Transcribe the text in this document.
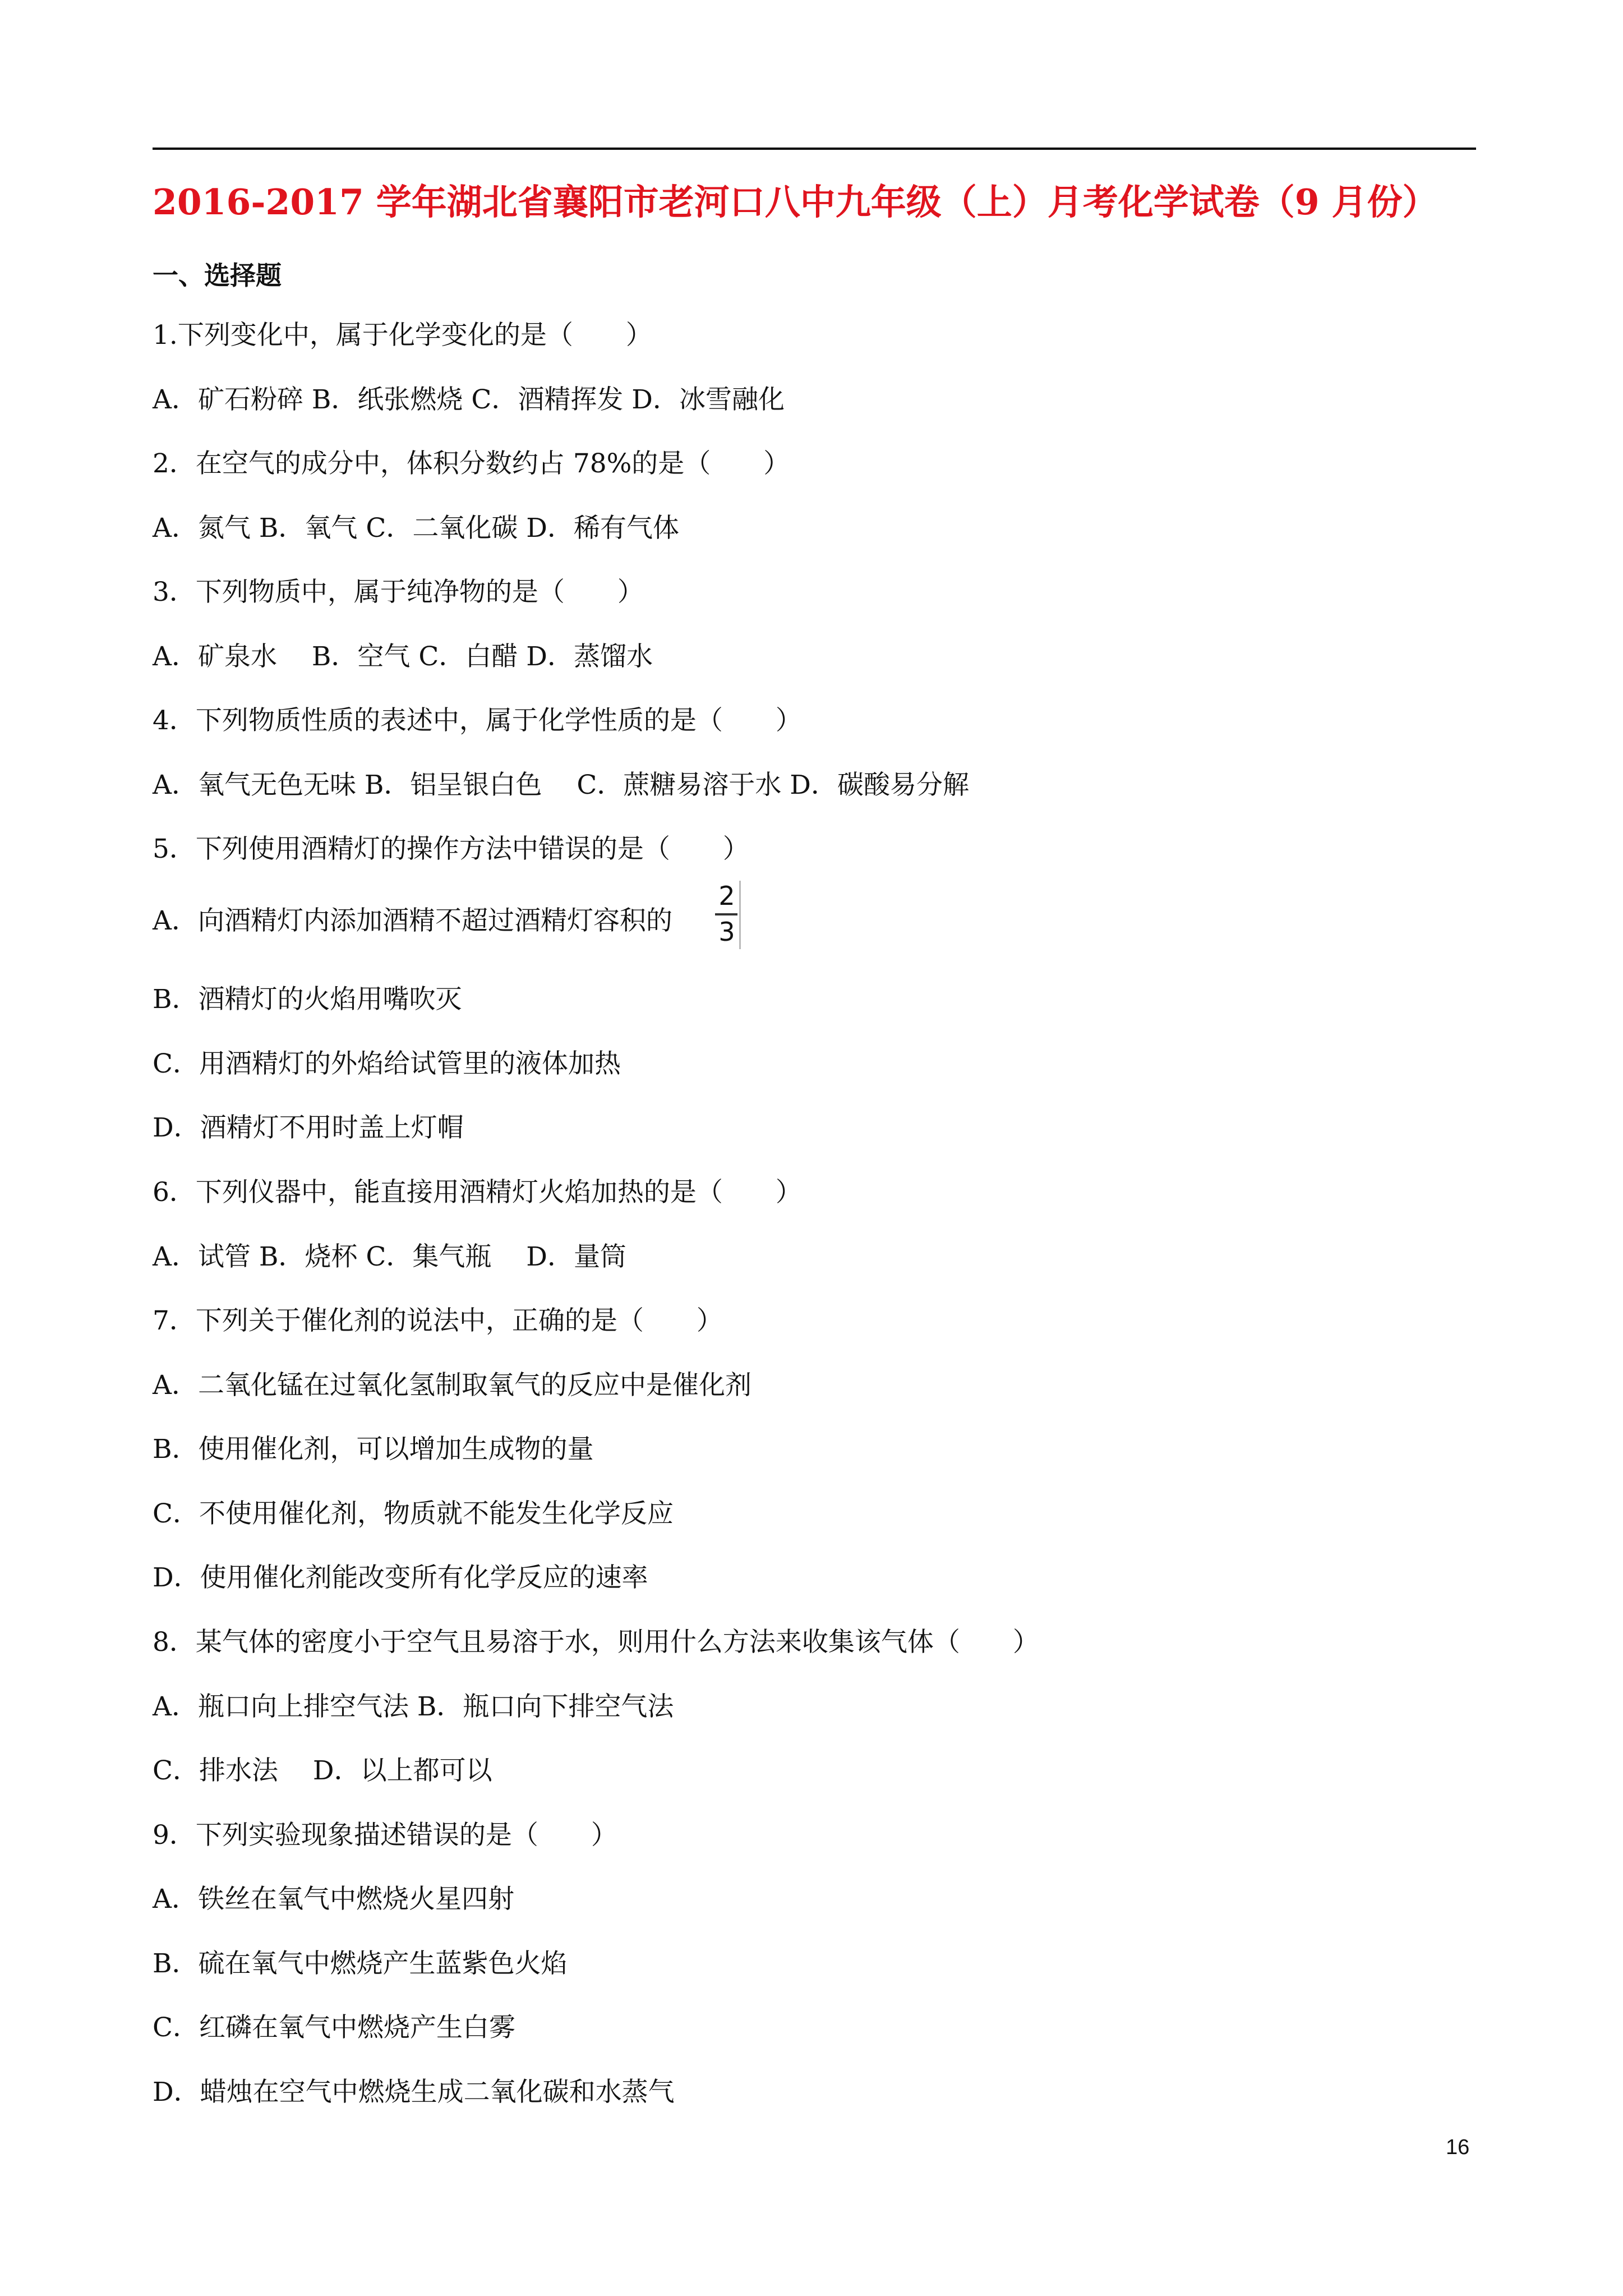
2016-2017 学年湖北省襄阳市老河口八中九年级（上）月考化学试卷（9 月份）
一、选择题
1.下列变化中，属于化学变化的是（　　）
A．矿石粉碎 B．纸张燃烧 C．酒精挥发 D．冰雪融化
2．在空气的成分中，体积分数约占 78%的是（　　）
A．氮气 B．氧气 C．二氧化碳 D．稀有气体
3．下列物质中，属于纯净物的是（　　）
A．矿泉水　 B．空气 C．白醋 D．蒸馏水
4．下列物质性质的表述中，属于化学性质的是（　　）
A．氧气无色无味 B．铝呈银白色　 C．蔗糖易溶于水 D．碳酸易分解
5．下列使用酒精灯的操作方法中错误的是（　　）
A．向酒精灯内添加酒精不超过酒精灯容积的
2
3
B．酒精灯的火焰用嘴吹灭
C．用酒精灯的外焰给试管里的液体加热
D．酒精灯不用时盖上灯帽
6．下列仪器中，能直接用酒精灯火焰加热的是（　　）
A．试管 B．烧杯 C．集气瓶　 D．量筒
7．下列关于催化剂的说法中，正确的是（　　）
A．二氧化锰在过氧化氢制取氧气的反应中是催化剂
B．使用催化剂，可以增加生成物的量
C．不使用催化剂，物质就不能发生化学反应
D．使用催化剂能改变所有化学反应的速率
8．某气体的密度小于空气且易溶于水，则用什么方法来收集该气体（　　）
A．瓶口向上排空气法 B．瓶口向下排空气法
C．排水法　 D．以上都可以
9．下列实验现象描述错误的是（　　）
A．铁丝在氧气中燃烧火星四射
B．硫在氧气中燃烧产生蓝紫色火焰
C．红磷在氧气中燃烧产生白雾
D．蜡烛在空气中燃烧生成二氧化碳和水蒸气
16
